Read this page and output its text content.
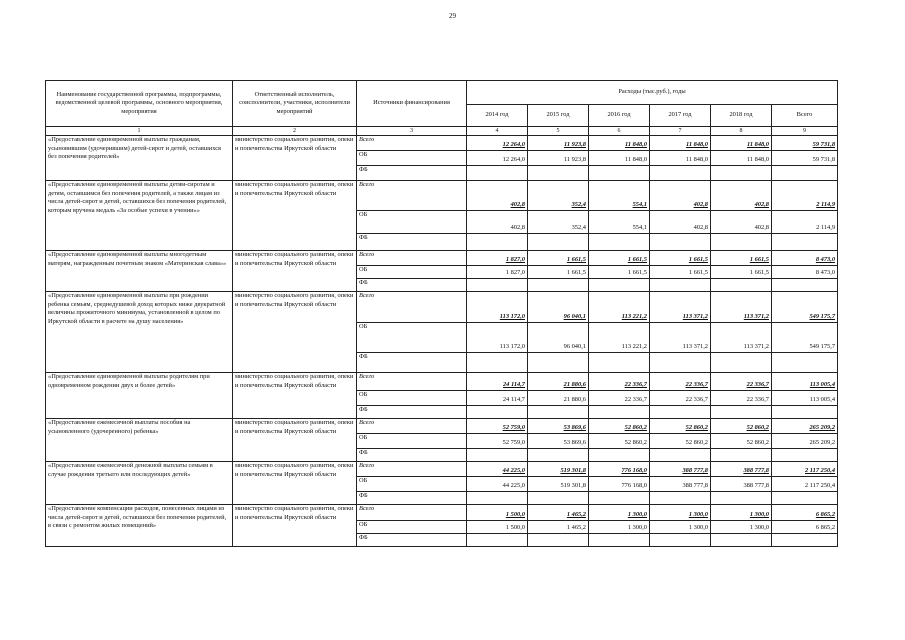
29
Наименование государственной программы, подпрограммы, ведомственной целевой программы, основного мероприятия, мероприятия	Ответственный исполнитель, соисполнители, участники, исполнители мероприятий	Источники финансирования	Расходы (тыс.руб.), годы					
			2014 год	2015 год	2016 год	2017 год	2018 год	Всего
1	2	3	4	5	6	7	8	9
«Предоставление единовременной выплаты гражданам, усыновившим (удочерившим) детей-сирот и детей, оставшихся без попечения родителей»	министерство социального развития, опеки и попечительства Иркутской области	Всего	12 264,0	11 923,8	11 848,0	11 848,0	11 848,0	59 731,8
		ОБ	12 264,0	11 923,8	11 848,0	11 848,0	11 848,0	59 731,8
		ФБ						
«Предоставление единовременной выплаты детям-сиротам и детям, оставшимся без попечения родителей, а также лицам из числа детей-сирот и детей, оставшихся без попечения родителей, которым вручена медаль «За особые успехи в учении»»	министерство социального развития, опеки и попечительства Иркутской области	Всего	402,8	352,4	554,1	402,8	402,8	2 114,9
		ОБ	402,8	352,4	554,1	402,8	402,8	2 114,9
		ФБ						
«Предоставление единовременной выплаты многодетным матерям, награжденным почетным знаком «Материнская слава»»	министерство социального развития, опеки и попечительства Иркутской области	Всего	1 827,0	1 661,5	1 661,5	1 661,5	1 661,5	8 473,0
		ОБ	1 827,0	1 661,5	1 661,5	1 661,5	1 661,5	8 473,0
		ФБ						
«Предоставление единовременной выплаты при рождении ребенка семьям, среднедушевой доход которых ниже двукратной величины прожиточного минимума, установленной в целом по Иркутской области в расчете на душу населения»	министерство социального развития, опеки и попечительства Иркутской области	Всего	113 172,0	96 040,1	113 221,2	113 371,2	113 371,2	549 175,7
		ОБ	113 172,0	96 040,1	113 221,2	113 371,2	113 371,2	549 175,7
		ФБ						
«Предоставление единовременной выплаты родителям при одновременном рождении двух и более детей»	министерство социального развития, опеки и попечительства Иркутской области	Всего	24 114,7	21 880,6	22 336,7	22 336,7	22 336,7	113 005,4
		ОБ	24 114,7	21 880,6	22 336,7	22 336,7	22 336,7	113 005,4
		ФБ						
«Предоставление ежемесячной выплаты пособия на усыновленного (удочеренного) ребенка»	министерство социального развития, опеки и попечительства Иркутской области	Всего	52 759,0	53 869,6	52 860,2	52 860,2	52 860,2	265 209,2
		ОБ	52 759,0	53 869,6	52 860,2	52 860,2	52 860,2	265 209,2
		ФБ						
«Предоставление ежемесячной денежной выплаты семьям в случае рождения третьего или последующих детей»	министерство социального развития, опеки и попечительства Иркутской области	Всего	44 225,0	519 301,8	776 168,0	388 777,8	388 777,8	2 117 250,4
		ОБ	44 225,0	519 301,8	776 168,0	388 777,8	388 777,8	2 117 250,4
		ФБ						
«Предоставление компенсации расходов, понесенных лицами из числа детей-сирот и детей, оставшихся без попечения родителей, в связи с ремонтом жилых помещений»	министерство социального развития, опеки и попечительства Иркутской области	Всего	1 500,0	1 465,2	1 300,0	1 300,0	1 300,0	6 865,2
		ОБ	1 500,0	1 465,2	1 300,0	1 300,0	1 300,0	6 865,2
		ФБ						
